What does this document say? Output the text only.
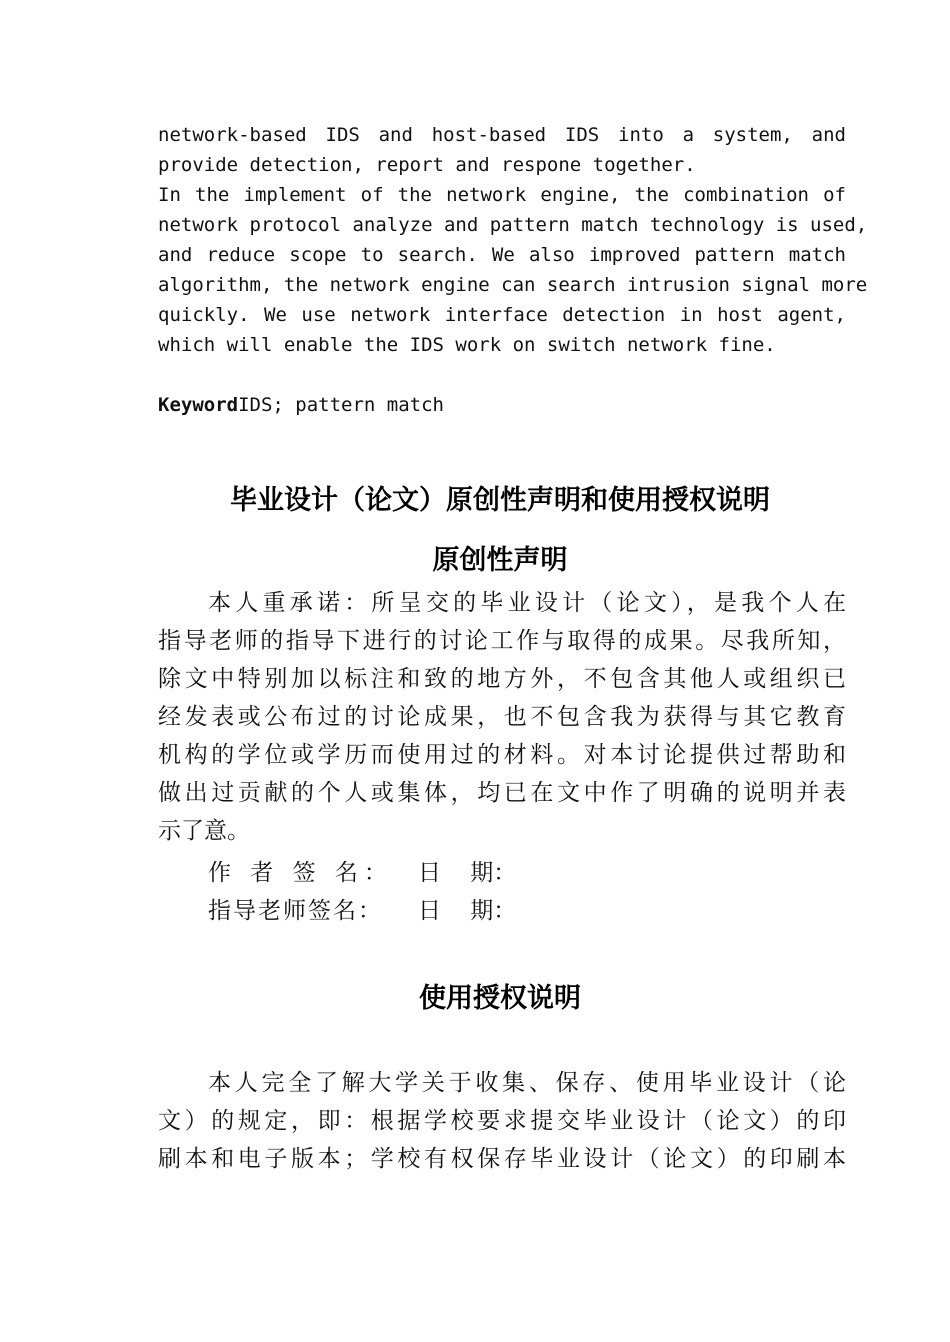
network-based IDS and host-based IDS into a system, and
provide detection, report and respone together.
In the implement of the network engine, the combination of
network protocol analyze and pattern match technology is used,
and reduce scope to search. We also improved pattern match
algorithm, the network engine can search intrusion signal more
quickly. We use network interface detection in host agent,
which will enable the IDS work on switch network fine.
KeywordIDS; pattern match
毕业设计（论文）原创性声明和使用授权说明
原创性声明
本人重承诺：所呈交的毕业设计（论文），是我个人在
指导老师的指导下进行的讨论工作与取得的成果。尽我所知，
除文中特别加以标注和致的地方外，不包含其他人或组织已
经发表或公布过的讨论成果，也不包含我为获得与其它教育
机构的学位或学历而使用过的材料。对本讨论提供过帮助和
做出过贡献的个人或集体，均已在文中作了明确的说明并表
示了意。
作 者 签 名： 日    期：
指导老师签名： 日    期：
使用授权说明
本人完全了解大学关于收集、保存、使用毕业设计（论
文）的规定，即：根据学校要求提交毕业设计（论文）的印
刷本和电子版本；学校有权保存毕业设计（论文）的印刷本
